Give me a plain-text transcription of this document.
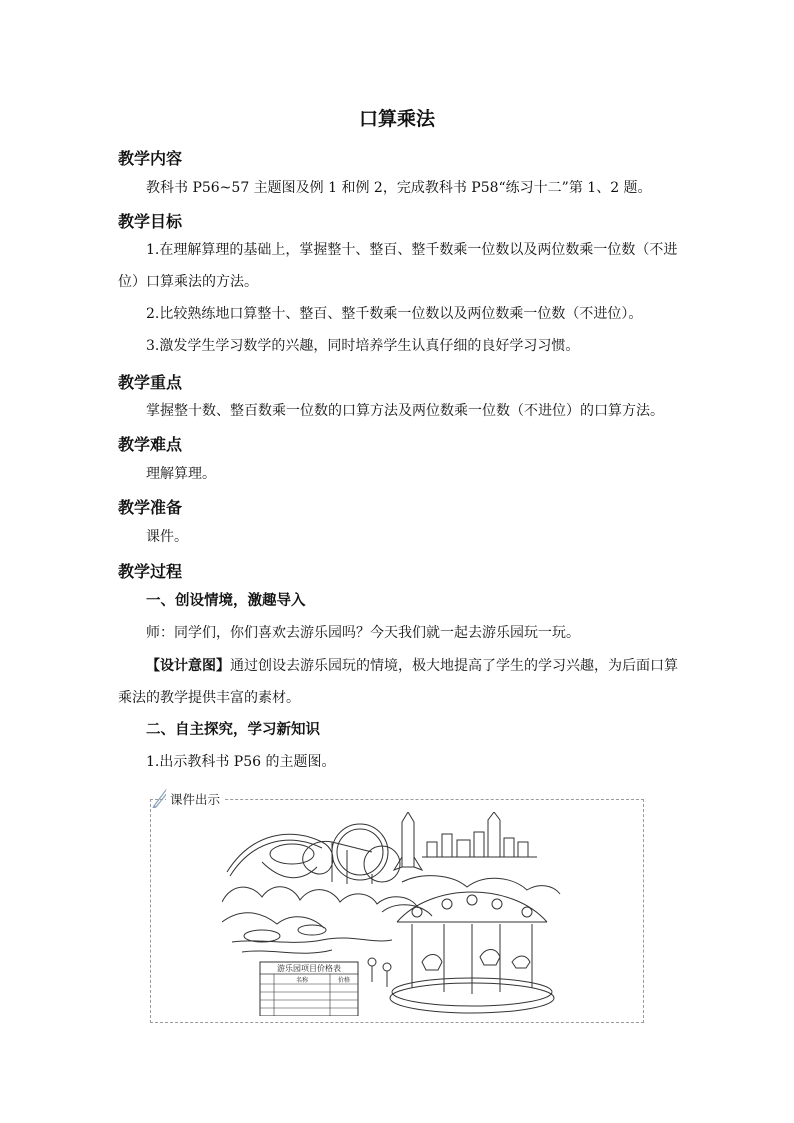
口算乘法
教学内容
教科书 P56~57 主题图及例 1 和例 2，完成教科书 P58“练习十二”第 1、2 题。
教学目标
1.在理解算理的基础上，掌握整十、整百、整千数乘一位数以及两位数乘一位数（不进位）口算乘法的方法。
2.比较熟练地口算整十、整百、整千数乘一位数以及两位数乘一位数（不进位）。
3.激发学生学习数学的兴趣，同时培养学生认真仔细的良好学习习惯。
教学重点
掌握整十数、整百数乘一位数的口算方法及两位数乘一位数（不进位）的口算方法。
教学难点
理解算理。
教学准备
课件。
教学过程
一、创设情境，激趣导入
师：同学们，你们喜欢去游乐园吗？今天我们就一起去游乐园玩一玩。
【设计意图】通过创设去游乐园玩的情境，极大地提高了学生的学习兴趣，为后面口算乘法的教学提供丰富的素材。
二、自主探究，学习新知识
1.出示教科书 P56 的主题图。
课件出示
游乐园项目价格表
名称	价格
